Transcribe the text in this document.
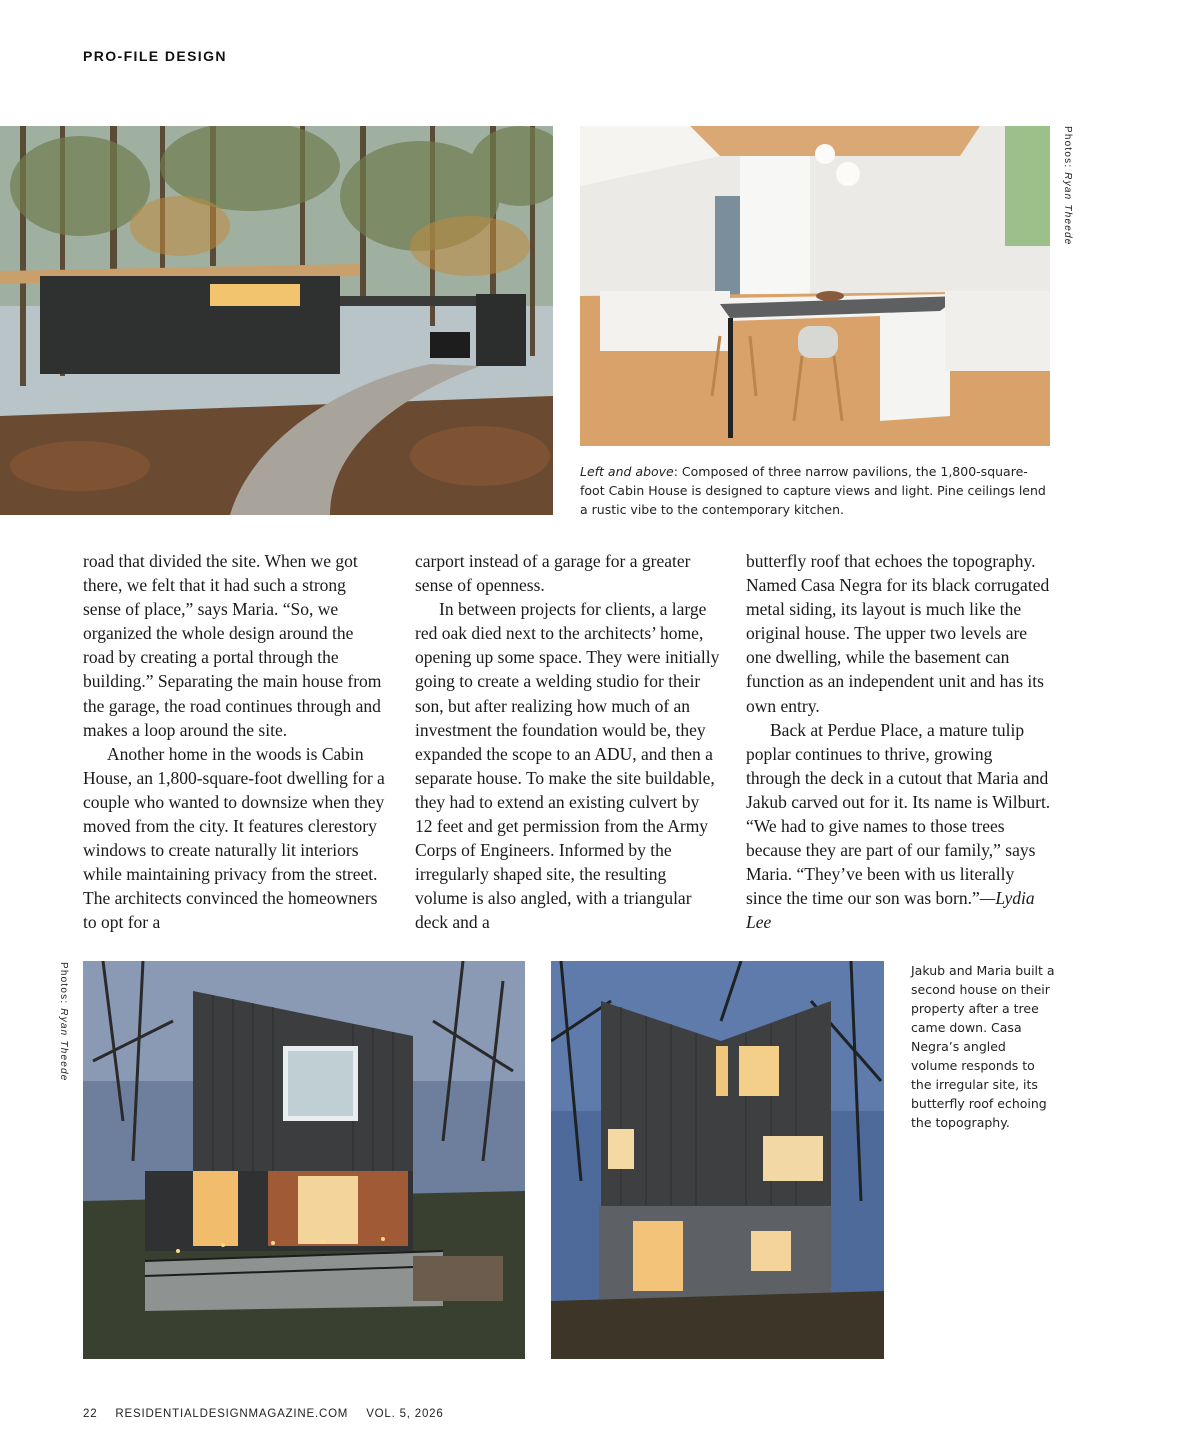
PRO-FILE DESIGN
Photos: Ryan Theede
Left and above: Composed of three narrow pavilions, the 1,800-square-foot Cabin House is designed to capture views and light. Pine ceilings lend a rustic vibe to the contemporary kitchen.

road that divided the site. When we got there, we felt that it had such a strong sense of place,” says Maria. “So, we organized the whole design around the road by creating a portal through the building.” Separating the main house from the garage, the road continues through and makes a loop around the site.

Another home in the woods is Cabin House, an 1,800-square-foot dwelling for a couple who wanted to downsize when they moved from the city. It features clerestory windows to create naturally lit interiors while maintaining privacy from the street. The architects convinced the homeowners to opt for a

carport instead of a garage for a greater sense of openness.

In between projects for clients, a large red oak died next to the architects’ home, opening up some space. They were initially going to create a welding studio for their son, but after realizing how much of an investment the foundation would be, they expanded the scope to an ADU, and then a separate house. To make the site buildable, they had to extend an existing culvert by 12 feet and get permission from the Army Corps of Engineers. Informed by the irregularly shaped site, the resulting volume is also angled, with a triangular deck and a

butterfly roof that echoes the topography. Named Casa Negra for its black corrugated metal siding, its layout is much like the original house. The upper two levels are one dwelling, while the basement can function as an independent unit and has its own entry.

Back at Perdue Place, a mature tulip poplar continues to thrive, growing through the deck in a cutout that Maria and Jakub carved out for it. Its name is Wilburt. “We had to give names to those trees because they are part of our family,” says Maria. “They’ve been with us literally since the time our son was born.”—Lydia Lee

Photos: Ryan Theede
Jakub and Maria built a second house on their property after a tree came down. Casa Negra’s angled volume responds to the irregular site, its butterfly roof echoing the topography.
22 RESIDENTIALDESIGNMAGAZINE.COM VOL. 5, 2026
